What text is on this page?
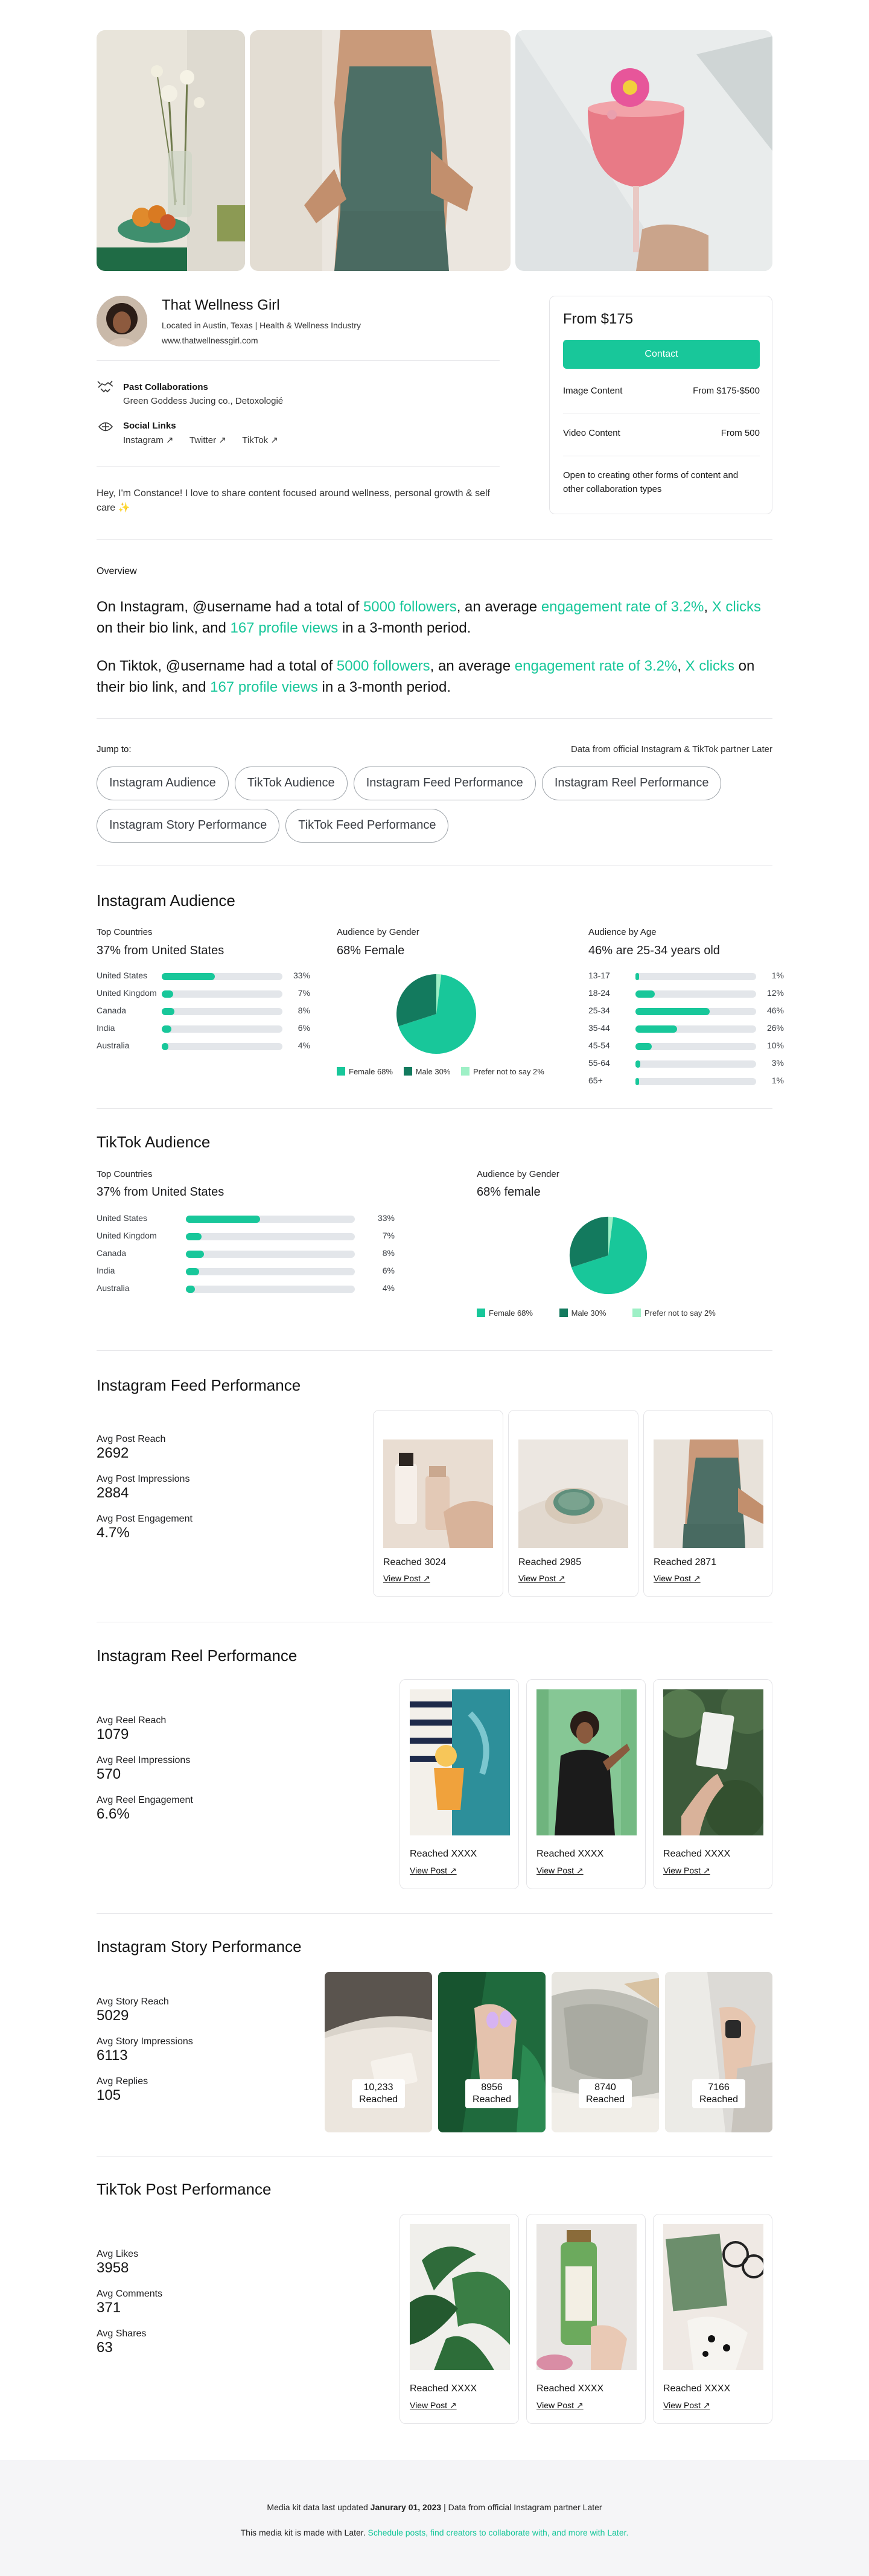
That Wellness Girl
Located in Austin, Texas | Health & Wellness Industry
www.thatwellnessgirl.com
Past Collaborations
Green Goddess Jucing co., Detoxologié
Social Links
Instagram ↗ Twitter ↗ TikTok ↗
Hey, I'm Constance! I love to share content focused around wellness, personal growth & self care ✨
From $175
Contact
Image Content	From $175-$500
Video Content	From 500
Open to creating other forms of content and other collaboration types
Overview
On Instagram, @username had a total of 5000 followers, an average engagement rate of 3.2%, X clicks on their bio link, and 167 profile views in a 3-month period.
On Tiktok, @username had a total of 5000 followers, an average engagement rate of 3.2%, X clicks on their bio link, and 167 profile views in a 3-month period.
Jump to:	Data from official Instagram & TikTok partner Later
Instagram Audience	TikTok Audience	Instagram Feed Performance	Instagram Reel Performance
Instagram Story Performance	TikTok Feed Performance
Instagram Audience
Top Countries
37% from United States
United States	33%
United Kingdom	7%
Canada	8%
India	6%
Australia	4%
Audience by Gender
68% Female
Female 68%	Male 30%	Prefer not to say 2%
Audience by Age
46% are 25-34 years old
13-17	1%
18-24	12%
25-34	46%
35-44	26%
45-54	10%
55-64	3%
65+	1%
TikTok Audience
Top Countries
37% from United States
United States	33%
United Kingdom	7%
Canada	8%
India	6%
Australia	4%
Audience by Gender
68% female
Female 68%	Male 30%	Prefer not to say 2%
Instagram Feed Performance
Avg Post Reach
2692
Avg Post Impressions
2884
Avg Post Engagement
4.7%
Reached 3024
View Post ↗
Reached 2985
View Post ↗
Reached 2871
View Post ↗
Instagram Reel Performance
Avg Reel Reach
1079
Avg Reel Impressions
570
Avg Reel Engagement
6.6%
Reached XXXX
View Post ↗
Reached XXXX
View Post ↗
Reached XXXX
View Post ↗
Instagram Story Performance
Avg Story Reach
5029
Avg Story Impressions
6113
Avg Replies
105	10,233
Reached
8956
Reached
8740
Reached
7166
Reached
TikTok Post Performance
Avg Likes
3958
Avg Comments
371
Avg Shares
63
Reached XXXX
View Post ↗
Reached XXXX
View Post ↗
Reached XXXX
View Post ↗
Media kit data last updated Janurary 01, 2023 | Data from official Instagram partner Later
This media kit is made with Later. Schedule posts, find creators to collaborate with, and more with Later.
